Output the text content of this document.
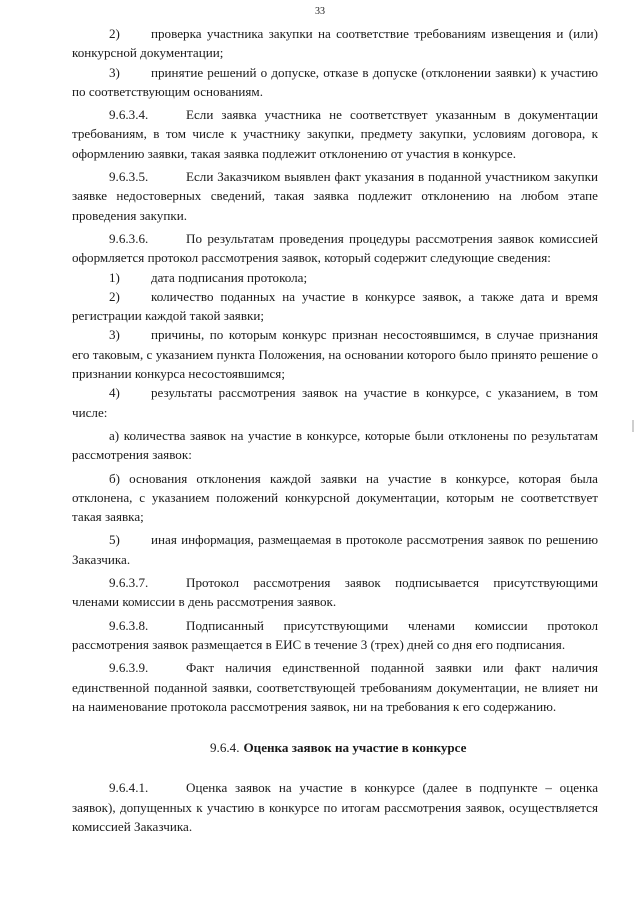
33

2) проверка участника закупки на соответствие требованиям извещения и (или) конкурсной документации;

3) принятие решений о допуске, отказе в допуске (отклонении заявки) к участию по соответствующим основаниям.

9.6.3.4.	Если заявка участника не соответствует указанным в документации требованиям, в том числе к участнику закупки, предмету закупки, условиям договора, к оформлению заявки, такая заявка подлежит отклонению от участия в конкурсе.

9.6.3.5.	Если Заказчиком выявлен факт указания в поданной участником закупки заявке недостоверных сведений, такая заявка подлежит отклонению на любом этапе проведения закупки.

9.6.3.6.	По результатам проведения процедуры рассмотрения заявок комиссией оформляется протокол рассмотрения заявок, который содержит следующие сведения:

1) дата подписания протокола;

2) количество поданных на участие в конкурсе заявок, а также дата и время регистрации каждой такой заявки;

3) причины, по которым конкурс признан несостоявшимся, в случае признания его таковым, с указанием пункта Положения, на основании которого было принято решение о признании конкурса несостоявшимся;

4) результаты рассмотрения заявок на участие в конкурсе, с указанием, в том числе:

а) количества заявок на участие в конкурсе, которые были отклонены по результатам рассмотрения заявок:

б) основания отклонения каждой заявки на участие в конкурсе, которая была отклонена, с указанием положений конкурсной документации, которым не соответствует такая заявка;

5) иная информация, размещаемая в протоколе рассмотрения заявок по решению Заказчика.

9.6.3.7.	Протокол рассмотрения заявок подписывается присутствующими членами комиссии в день рассмотрения заявок.

9.6.3.8.	Подписанный присутствующими членами комиссии протокол рассмотрения заявок размещается в ЕИС в течение 3 (трех) дней со дня его подписания.

9.6.3.9.	Факт наличия единственной поданной заявки или факт наличия единственной поданной заявки, соответствующей требованиям документации, не влияет ни на наименование протокола рассмотрения заявок, ни на требования к его содержанию.

9.6.4. Оценка заявок на участие в конкурсе

9.6.4.1.	Оценка заявок на участие в конкурсе (далее в подпункте – оценка заявок), допущенных к участию в конкурсе по итогам рассмотрения заявок, осуществляется комиссией Заказчика.
